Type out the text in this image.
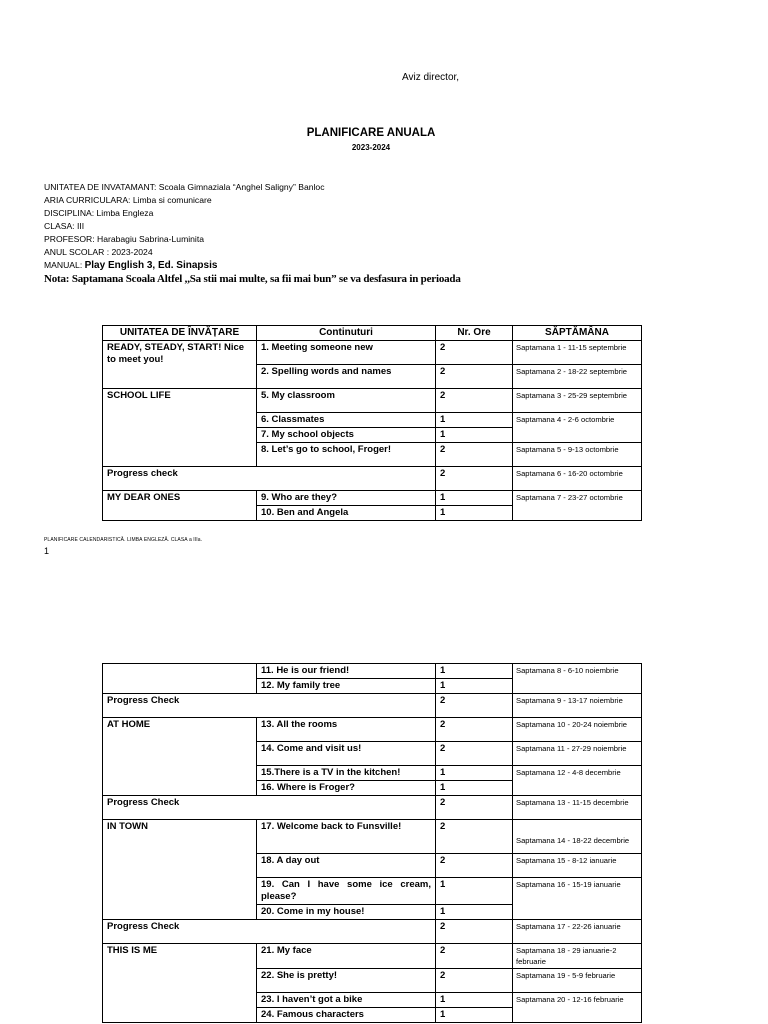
Aviz director,
PLANIFICARE ANUALA
2023-2024
UNITATEA DE INVATAMANT: Scoala Gimnaziala “Anghel Saligny” Banloc
ARIA CURRICULARA: Limba si comunicare
DISCIPLINA: Limba Engleza
CLASA: III
PROFESOR: Harabagiu Sabrina-Luminita
ANUL SCOLAR : 2023-2024
MANUAL: Play English 3, Ed. Sinapsis
Nota: Saptamana Scoala Altfel ,,Sa stii mai multe, sa fii mai bun” se va desfasura in perioada
UNITATEA DE ÎNVĂȚARE	Continuturi	Nr. Ore	SĂPTĂMÂNA
READY, STEADY, START! Nice to meet you!	1. Meeting someone new	2	Saptamana 1 - 11-15 septembrie
	2. Spelling words and names	2	Saptamana 2 - 18-22 septembrie
SCHOOL LIFE	5. My classroom	2	Saptamana 3 - 25-29 septembrie
	6. Classmates	1	Saptamana 4 - 2-6 octombrie
	7. My school objects	1	
	8. Let’s go to school, Froger!	2	Saptamana 5 - 9-13 octombrie
Progress check		2	Saptamana 6 - 16-20 octombrie
MY DEAR ONES	9. Who are they?	1	Saptamana 7 - 23-27 octombrie
	10. Ben and Angela	1	
PLANIFICARE CALENDARISTICĂ. LIMBA ENGLEZĂ. CLASA a IIIa.
1
	11. He is our friend!	1	Saptamana 8 - 6-10 noiembrie
	12. My family tree	1	
Progress Check		2	Saptamana 9 - 13-17 noiembrie
AT HOME	13. All the rooms	2	Saptamana 10 - 20-24 noiembrie
	14. Come and visit us!	2	Saptamana 11 - 27-29 noiembrie
	15.There is a TV in the kitchen!	1	Saptamana 12 - 4-8 decembrie
	16. Where is Froger?	1	
Progress Check		2	Saptamana 13 - 11-15 decembrie
IN TOWN	17. Welcome back to Funsville!	2	Saptamana 14 - 18-22 decembrie
	18. A day out	2	Saptamana 15 - 8-12 ianuarie
	19. Can I have some ice cream, please?	1	Saptamana 16 - 15-19 ianuarie
	20. Come in my house!	1	
Progress Check		2	Saptamana 17 - 22-26 ianuarie
THIS IS ME	21. My face	2	Saptamana 18 - 29 ianuarie-2 februarie
	22. She is pretty!	2	Saptamana 19 - 5-9 februarie
	23. I haven’t got a bike	1	Saptamana 20 - 12-16 februarie
	24. Famous characters	1	
